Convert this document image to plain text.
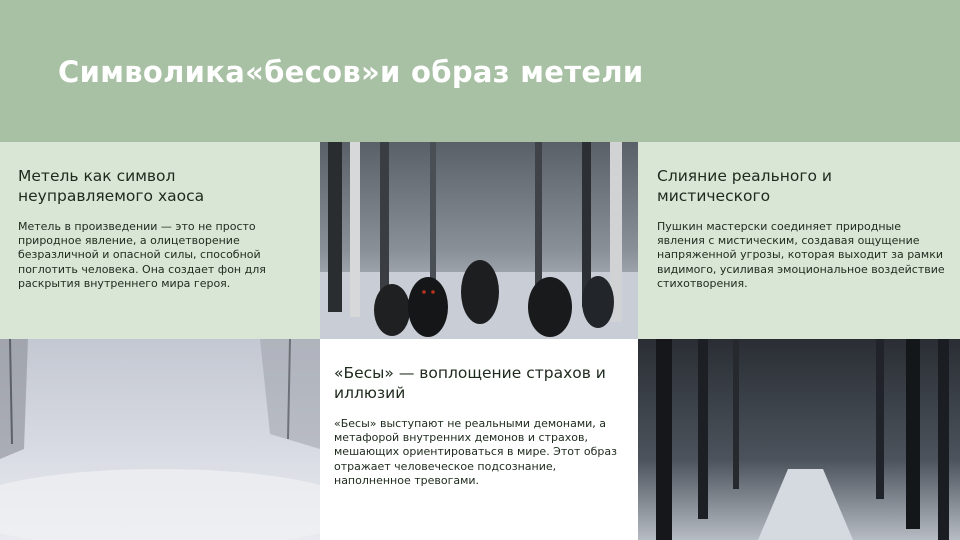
Символика«бесов»и образ метели
Метель как символ неуправляемого хаоса

Метель в произведении — это не просто природное явление, а олицетворение безразличной и опасной силы, способной поглотить человека. Она создает фон для раскрытия внутреннего мира героя.

Слияние реального и мистического

Пушкин мастерски соединяет природные явления с мистическим, создавая ощущение напряженной угрозы, которая выходит за рамки видимого, усиливая эмоциональное воздействие стихотворения.

«Бесы» — воплощение страхов и иллюзий

«Бесы» выступают не реальными демонами, а метафорой внутренних демонов и страхов, мешающих ориентироваться в мире. Этот образ отражает человеческое подсознание, наполненное тревогами.
